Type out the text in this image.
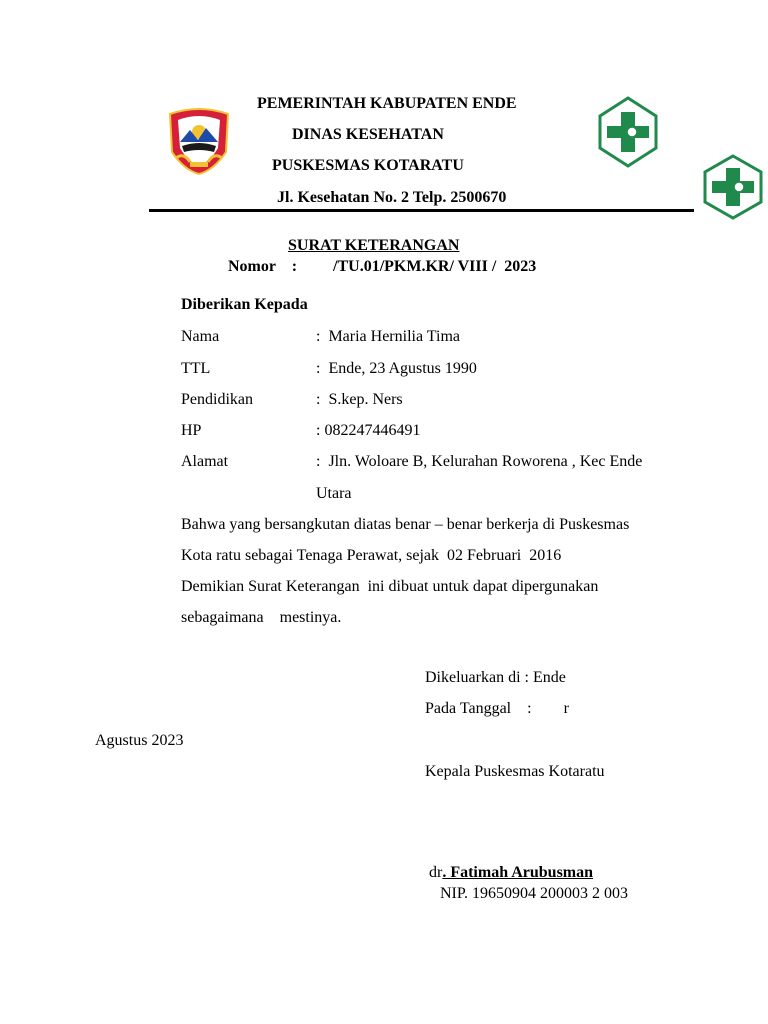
PEMERINTAH KABUPATEN ENDE
DINAS KESEHATAN
PUSKESMAS KOTARATU
Jl. Kesehatan No. 2 Telp. 2500670
SURAT KETERANGAN
Nomor    :         /TU.01/PKM.KR/ VIII /  2023
Diberikan Kepada
Nama	:  Maria Hernilia Tima
TTL	:  Ende, 23 Agustus 1990
Pendidikan	:  S.kep. Ners
HP	: 082247446491
Alamat	:  Jln. Woloare B, Kelurahan Roworena , Kec Ende
Utara
Bahwa yang bersangkutan diatas benar – benar berkerja di Puskesmas
Kota ratu sebagai Tenaga Perawat, sejak  02 Februari  2016
Demikian Surat Keterangan  ini dibuat untuk dapat dipergunakan
sebagaimana    mestinya.
Dikeluarkan di : Ende
Pada Tanggal    :        r
Agustus 2023
Kepala Puskesmas Kotaratu
dr. Fatimah Arubusman
NIP. 19650904 200003 2 003
